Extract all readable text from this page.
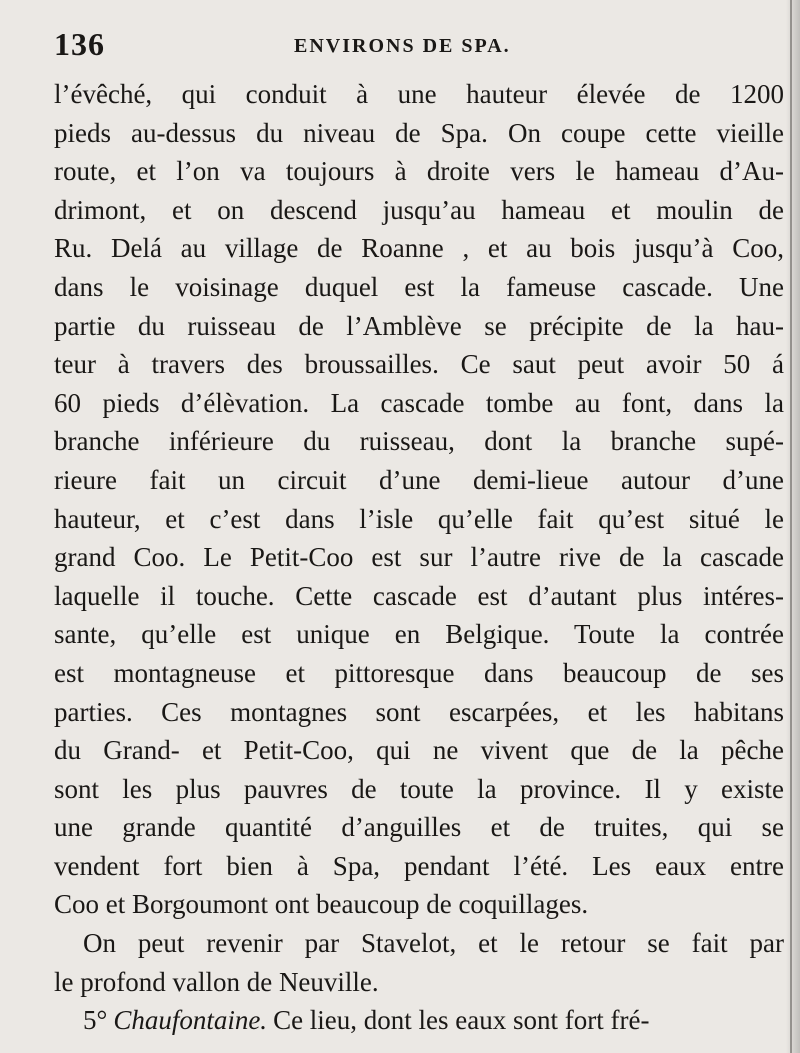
136	ENVIRONS DE SPA.
l’évêché, qui conduit à une hauteur élevée de 1200
pieds au-dessus du niveau de Spa. On coupe cette vieille
route, et l’on va toujours à droite vers le hameau d’Au-
drimont, et on descend jusqu’au hameau et moulin de
Ru. Delá au village de Roanne , et au bois jusqu’à Coo,
dans le voisinage duquel est la fameuse cascade. Une
partie du ruisseau de l’Amblève se précipite de la hau-
teur à travers des broussailles. Ce saut peut avoir 50 á
60 pieds d’élèvation. La cascade tombe au font, dans la
branche inférieure du ruisseau, dont la branche supé-
rieure fait un circuit d’une demi-lieue autour d’une
hauteur, et c’est dans l’isle qu’elle fait qu’est situé le
grand Coo. Le Petit-Coo est sur l’autre rive de la cascade
laquelle il touche. Cette cascade est d’autant plus intéres-
sante, qu’elle est unique en Belgique. Toute la contrée
est montagneuse et pittoresque dans beaucoup de ses
parties. Ces montagnes sont escarpées, et les habitans
du Grand- et Petit-Coo, qui ne vivent que de la pêche
sont les plus pauvres de toute la province. Il y existe
une grande quantité d’anguilles et de truites, qui se
vendent fort bien à Spa, pendant l’été. Les eaux entre
Coo et Borgoumont ont beaucoup de coquillages.
On peut revenir par Stavelot, et le retour se fait par
le profond vallon de Neuville.
5° Chaufontaine. Ce lieu, dont les eaux sont fort fré-
